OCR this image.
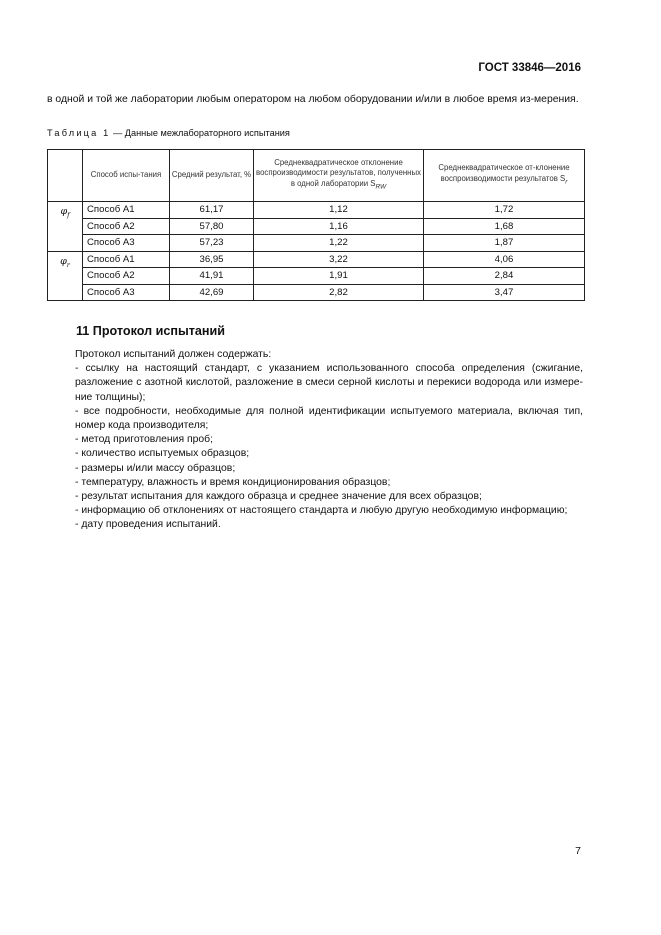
ГОСТ 33846—2016
в одной и той же лаборатории любым оператором на любом оборудовании и/или в любое время из-мерения.
Таблица 1 — Данные межлабораторного испытания
	Способ испы-тания	Средний результат, %	Среднеквадратическое отклонение воспроизводимости результатов, полученных в одной лаборатории $S_{RW}$	Среднеквадратическое от-клонение воспроизводимости результатов $S_r$
$\varphi_f$	Способ А1	61,17	1,12	1,72
	Способ А2	57,80	1,16	1,68
	Способ А3	57,23	1,22	1,87
$\varphi_r$	Способ А1	36,95	3,22	4,06
	Способ А2	41,91	1,91	2,84
	Способ А3	42,69	2,82	3,47
11 Протокол испытаний

Протокол испытаний должен содержать:

- ссылку на настоящий стандарт, с указанием использованного способа определения (сжигание, разложение с азотной кислотой, разложение в смеси серной кислоты и перекиси водорода или измере-ние толщины);

- все подробности, необходимые для полной идентификации испытуемого материала, включая тип, номер кода производителя;

- метод приготовления проб;

- количество испытуемых образцов;

- размеры и/или массу образцов;

- температуру, влажность и время кондиционирования образцов;

- результат испытания для каждого образца и среднее значение для всех образцов;

- информацию об отклонениях от настоящего стандарта и любую другую необходимую информацию;

- дату проведения испытаний.

7
